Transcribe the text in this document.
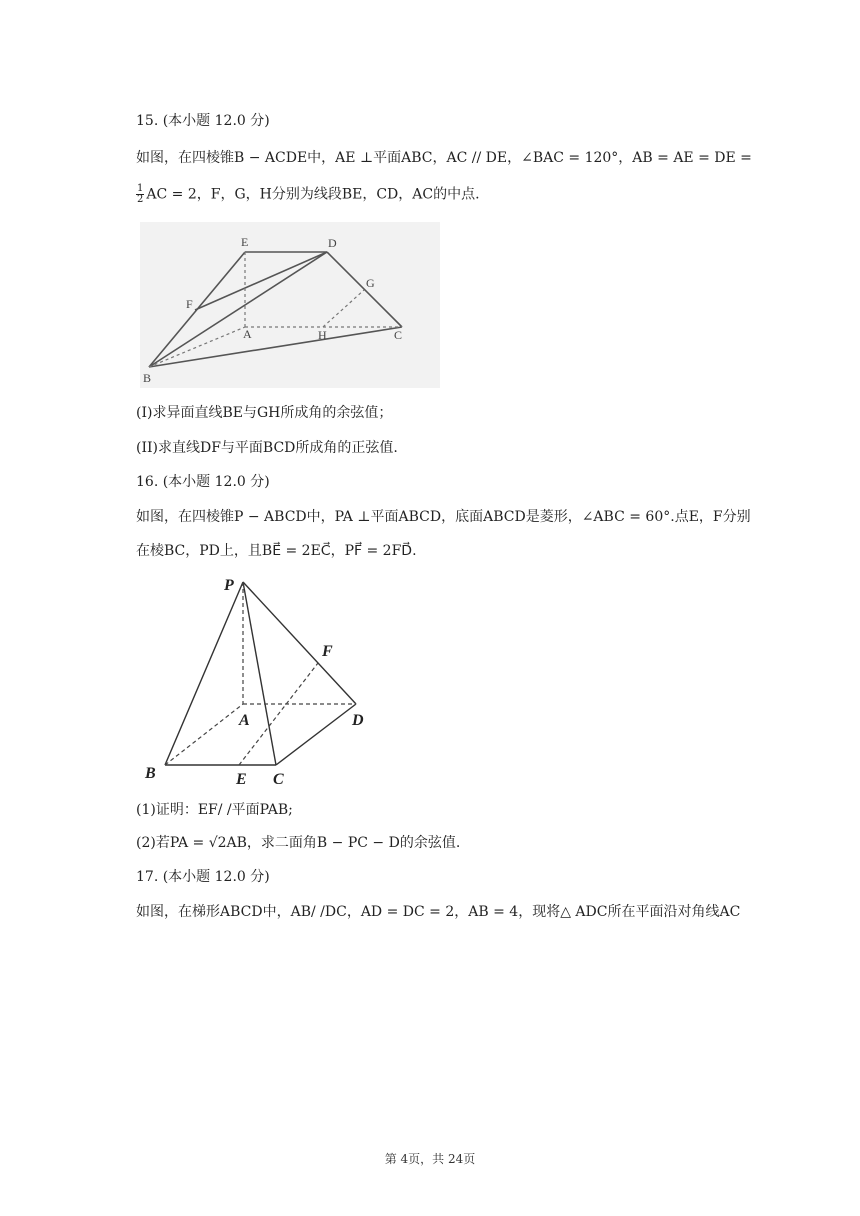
15. (本小题 12.0 分)
如图，在四棱锥B − ACDE中，AE ⊥平面ABC，AC // DE，∠BAC = 120°，AB = AE = DE =
$\frac{1}{2}$ AC = 2，F，G，H分别为线段BE，CD，AC的中点.
E	D
F
G
A	H	C
B
(I)求异面直线BE与GH所成角的余弦值；
(II)求直线DF与平面BCD所成角的正弦值.
16. (本小题 12.0 分)
如图，在四棱锥P − ABCD中，PA ⊥平面ABCD，底面ABCD是菱形，∠ABC = 60°.点E，F分别
在棱BC，PD上，且BE⃗ = 2EC⃗，PF⃗ = 2FD⃗.
P
F
A	D
B	E C
(1)证明：EF/ /平面PAB;
(2)若PA = √2AB，求二面角B − PC − D的余弦值.
17. (本小题 12.0 分)
如图，在梯形ABCD中，AB/ /DC，AD = DC = 2，AB = 4，现将△ ADC所在平面沿对角线AC
第 4页，共 24页
